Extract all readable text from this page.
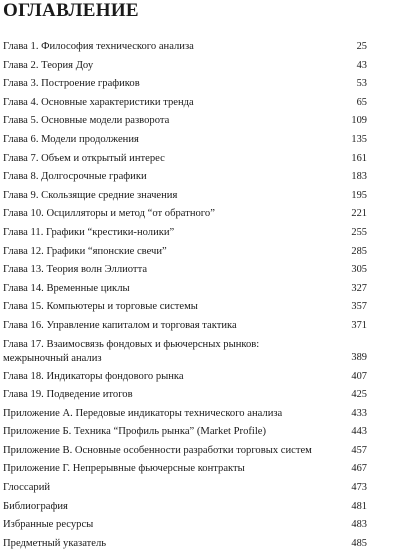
ОГЛАВЛЕНИЕ
Глава 1. Философия технического анализа	25
Глава 2. Теория Доу	43
Глава 3. Построение графиков	53
Глава 4. Основные характеристики тренда	65
Глава 5. Основные модели разворота	109
Глава 6. Модели продолжения	135
Глава 7. Объем и открытый интерес	161
Глава 8. Долгосрочные графики	183
Глава 9. Скользящие средние значения	195
Глава 10. Осцилляторы и метод “от обратного”	221
Глава 11. Графики “крестики-нолики”	255
Глава 12. Графики “японские свечи”	285
Глава 13. Теория волн Эллиотта	305
Глава 14. Временные циклы	327
Глава 15. Компьютеры и торговые системы	357
Глава 16. Управление капиталом и торговая тактика	371
Глава 17. Взаимосвязь фондовых и фьючерсных рынков:
межрыночный анализ	389
Глава 18. Индикаторы фондового рынка	407
Глава 19. Подведение итогов	425
Приложение А. Передовые индикаторы технического анализа	433
Приложение Б. Техника “Профиль рынка” (Market Profile)	443
Приложение В. Основные особенности разработки торговых систем	457
Приложение Г. Непрерывные фьючерсные контракты	467
Глоссарий	473
Библиография	481
Избранные ресурсы	483
Предметный указатель	485
